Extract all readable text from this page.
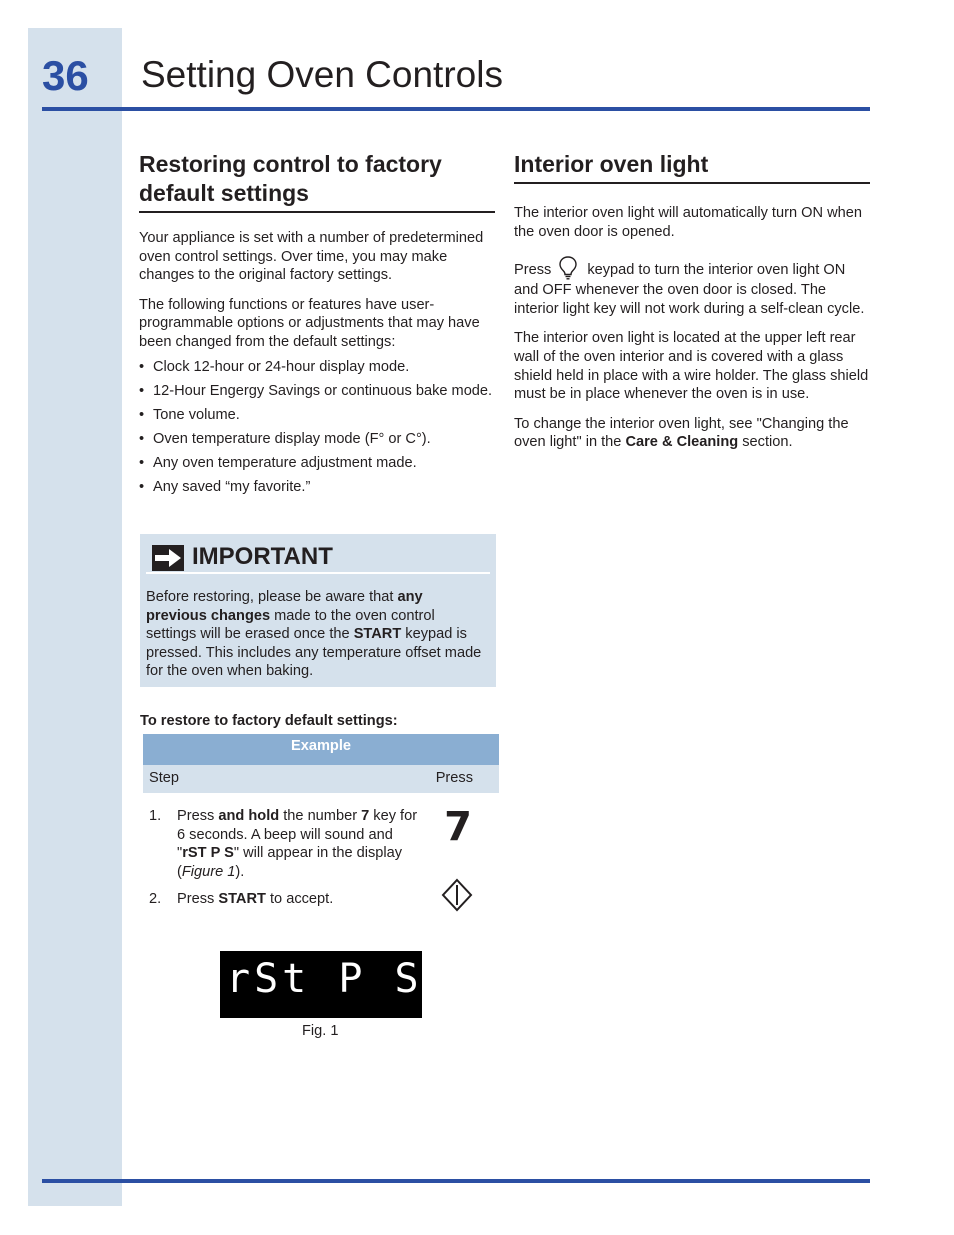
36 Setting Oven Controls
Restoring control to factory default settings

Your appliance is set with a number of predetermined oven control settings. Over time, you may make changes to the original factory settings.

The following functions or features have user-programmable options or adjustments that may have been changed from the default settings:

• Clock 12-hour or 24-hour display mode.
• 12-Hour Engergy Savings or continuous bake mode.
• Tone volume.
• Oven temperature display mode (F° or C°).
• Any oven temperature adjustment made.
• Any saved “my favorite.”
IMPORTANT
Before restoring, please be aware that any previous changes made to the oven control settings will be erased once the START keypad is pressed. This includes any temperature offset made for the oven when baking.
To restore to factory default settings:
Example
Step	Press
1. Press and hold the number 7 key for 6 seconds. A beep will sound and "rST P S" will appear in the display (Figure 1).
7
2. Press START to accept.
rSt P S
Fig. 1
Interior oven light

The interior oven light will automatically turn ON when the oven door is opened.

Press keypad to turn the interior oven light ON and OFF whenever the oven door is closed. The interior light key will not work during a self-clean cycle.

The interior oven light is located at the upper left rear wall of the oven interior and is covered with a glass shield held in place with a wire holder. The glass shield must be in place whenever the oven is in use.

To change the interior oven light, see "Changing the oven light" in the Care & Cleaning section.
